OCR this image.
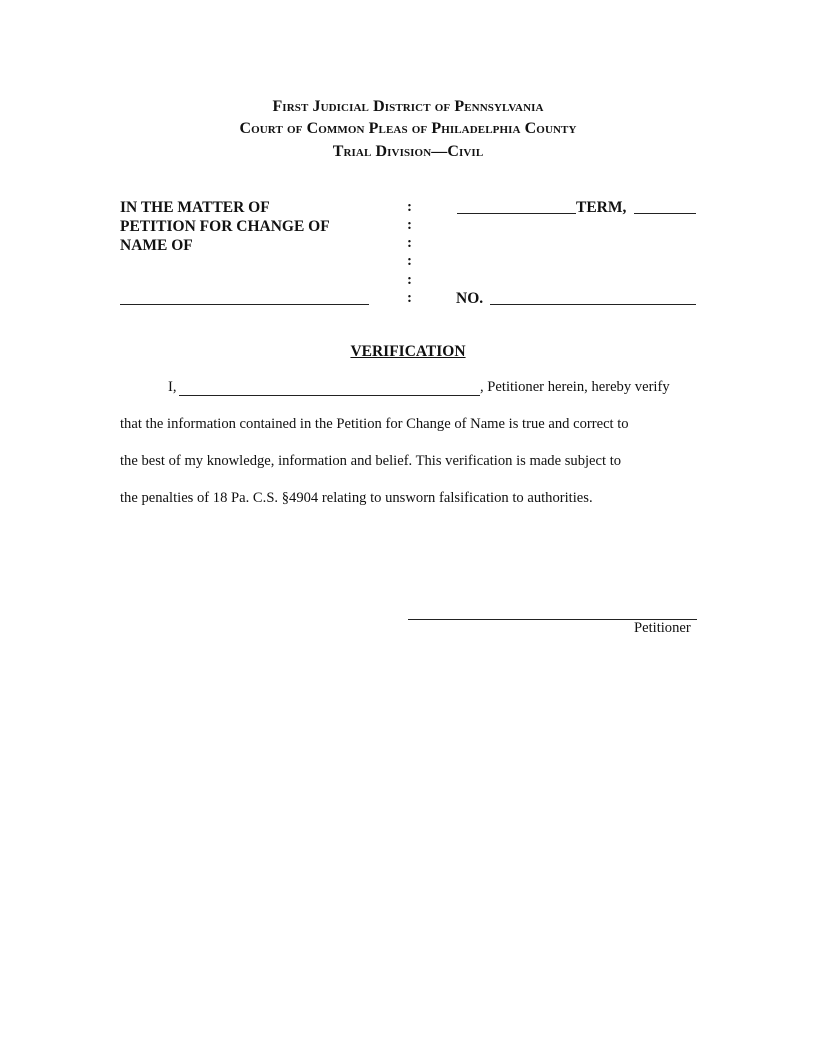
First Judicial District of Pennsylvania
Court of Common Pleas of Philadelphia County
Trial Division—Civil
IN THE MATTER OF
PETITION FOR CHANGE OF
NAME OF
:
:
:
:
:
:
TERM,
NO.
VERIFICATION
I,	, Petitioner herein, hereby verify
that the information contained in the Petition for Change of Name is true and correct to
the best of my knowledge, information and belief. This verification is made subject to
the penalties of 18 Pa. C.S. §4904 relating to unsworn falsification to authorities.
Petitioner
